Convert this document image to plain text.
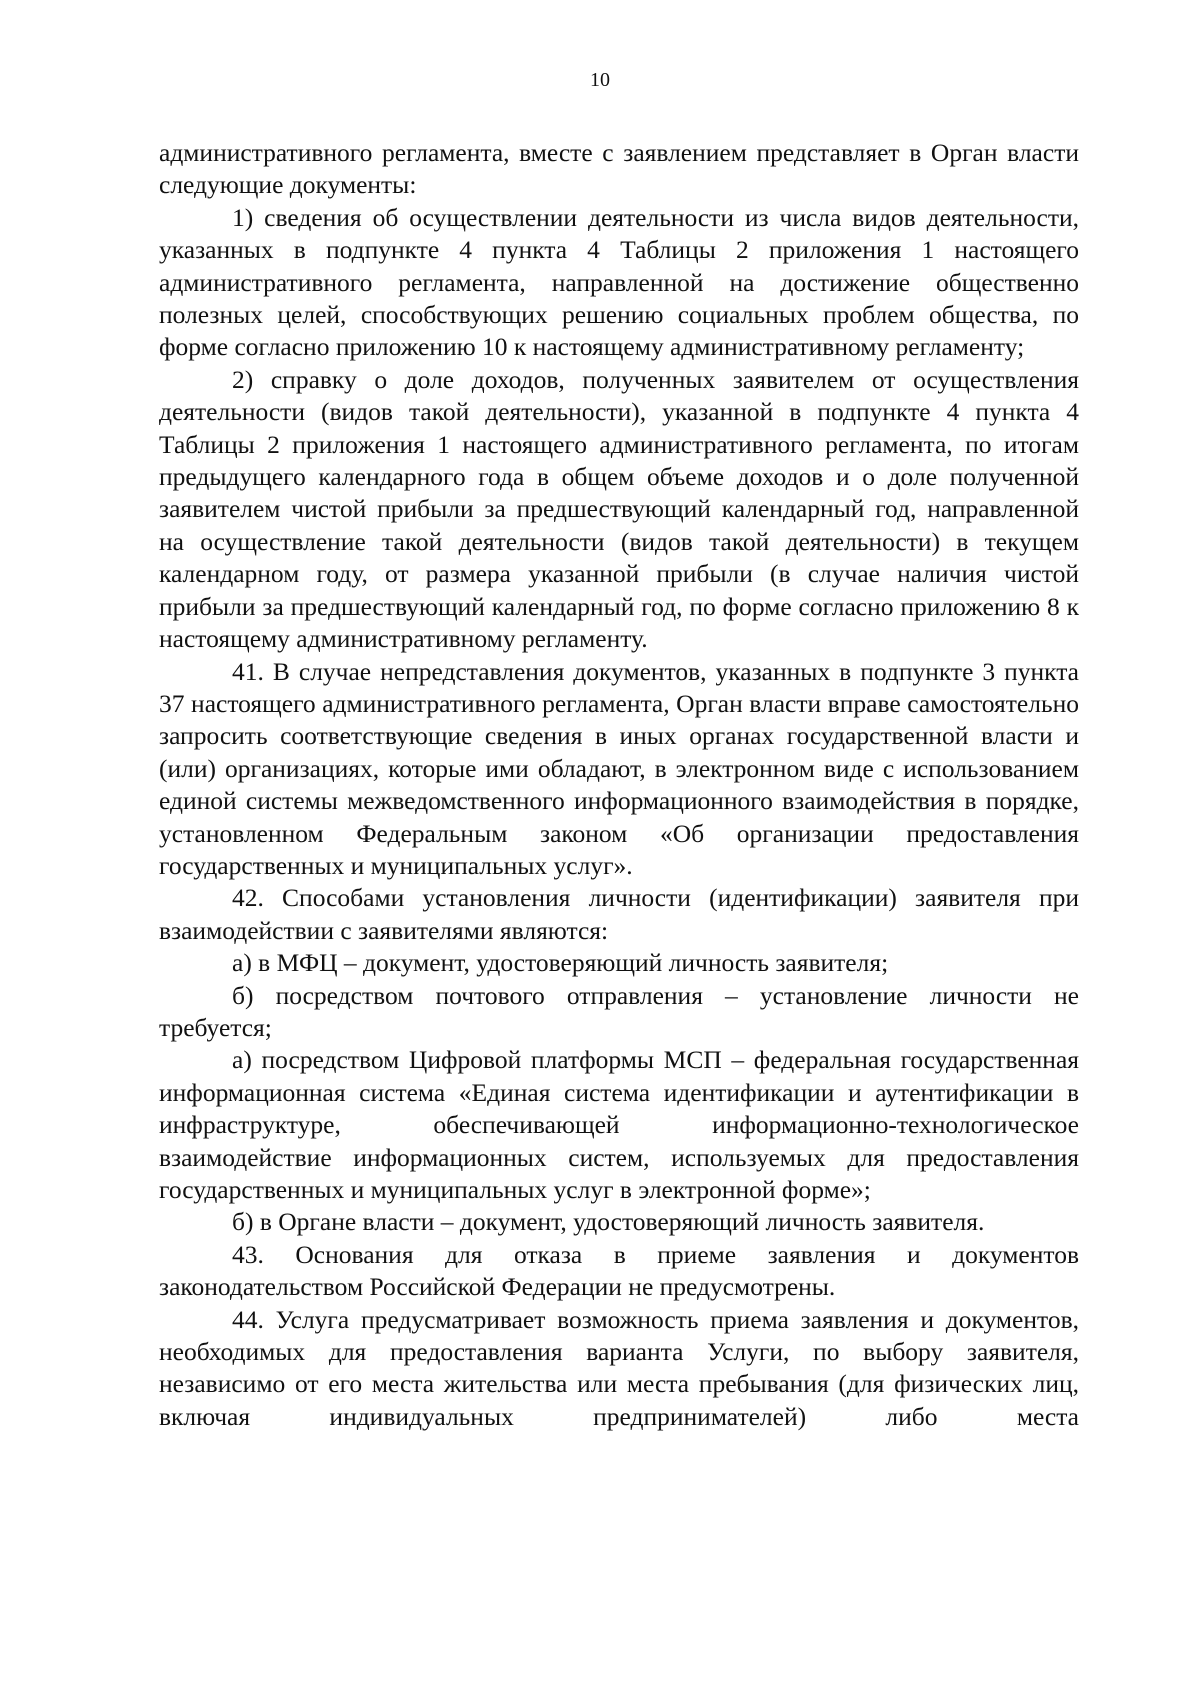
10

административного регламента, вместе с заявлением представляет в Орган власти следующие документы:

1) сведения об осуществлении деятельности из числа видов деятельности, указанных в подпункте 4 пункта 4 Таблицы 2 приложения 1 настоящего административного регламента, направленной на достижение общественно полезных целей, способствующих решению социальных проблем общества, по форме согласно приложению 10 к настоящему административному регламенту;

2) справку о доле доходов, полученных заявителем от осуществления деятельности (видов такой деятельности), указанной в подпункте 4 пункта 4 Таблицы 2 приложения 1 настоящего административного регламента, по итогам предыдущего календарного года в общем объеме доходов и о доле полученной заявителем чистой прибыли за предшествующий календарный год, направленной на осуществление такой деятельности (видов такой деятельности) в текущем календарном году, от размера указанной прибыли (в случае наличия чистой прибыли за предшествующий календарный год, по форме согласно приложению 8 к настоящему административному регламенту.

41. В случае непредставления документов, указанных в подпункте 3 пункта 37 настоящего административного регламента, Орган власти вправе самостоятельно запросить соответствующие сведения в иных органах государственной власти и (или) организациях, которые ими обладают, в электронном виде с использованием единой системы межведомственного информационного взаимодействия в порядке, установленном Федеральным законом «Об организации предоставления государственных и муниципальных услуг».

42. Способами установления личности (идентификации) заявителя при взаимодействии с заявителями являются:

а) в МФЦ – документ, удостоверяющий личность заявителя;

б) посредством почтового отправления – установление личности не требуется;

а) посредством Цифровой платформы МСП – федеральная государственная информационная система «Единая система идентификации и аутентификации в инфраструктуре, обеспечивающей информационно-технологическое взаимодействие информационных систем, используемых для предоставления государственных и муниципальных услуг в электронной форме»;

б) в Органе власти – документ, удостоверяющий личность заявителя.

43. Основания для отказа в приеме заявления и документов законодательством Российской Федерации не предусмотрены.

44. Услуга предусматривает возможность приема заявления и документов, необходимых для предоставления варианта Услуги, по выбору заявителя, независимо от его места жительства или места пребывания (для физических лиц, включая индивидуальных предпринимателей) либо места
